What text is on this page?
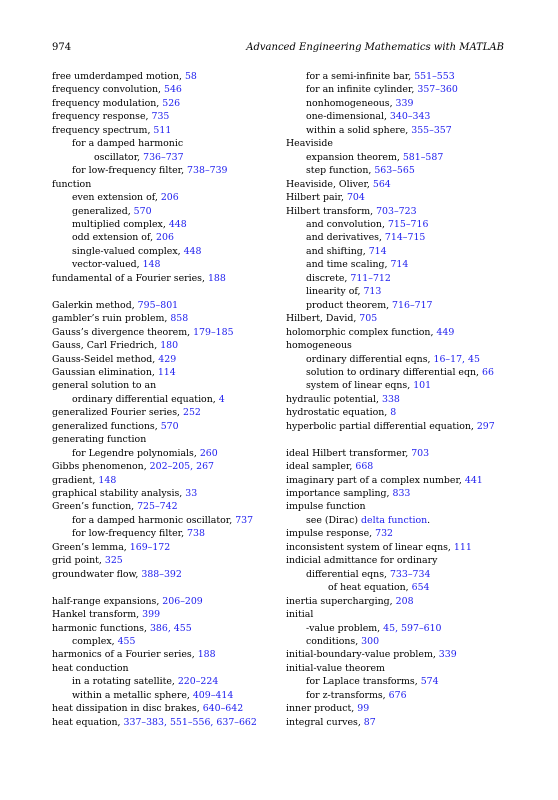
974	Advanced Engineering Mathematics with MATLAB
free umderdamped motion, 58
frequency convolution, 546
frequency modulation, 526
frequency response, 735
frequency spectrum, 511
for a damped harmonic
oscillator, 736–737
for low-frequency filter, 738–739
function
even extension of, 206
generalized, 570
multiplied complex, 448
odd extension of, 206
single-valued complex, 448
vector-valued, 148
fundamental of a Fourier series, 188
Galerkin method, 795–801
gambler’s ruin problem, 858
Gauss’s divergence theorem, 179–185
Gauss, Carl Friedrich, 180
Gauss-Seidel method, 429
Gaussian elimination, 114
general solution to an
ordinary differential equation, 4
generalized Fourier series, 252
generalized functions, 570
generating function
for Legendre polynomials, 260
Gibbs phenomenon, 202–205, 267
gradient, 148
graphical stability analysis, 33
Green’s function, 725–742
for a damped harmonic oscillator, 737
for low-frequency filter, 738
Green’s lemma, 169–172
grid point, 325
groundwater flow, 388–392
half-range expansions, 206–209
Hankel transform, 399
harmonic functions, 386, 455
complex, 455
harmonics of a Fourier series, 188
heat conduction
in a rotating satellite, 220–224
within a metallic sphere, 409–414
heat dissipation in disc brakes, 640–642
heat equation, 337–383, 551–556, 637–662
for a semi-infinite bar, 551–553
for an infinite cylinder, 357–360
nonhomogeneous, 339
one-dimensional, 340–343
within a solid sphere, 355–357
Heaviside
expansion theorem, 581–587
step function, 563–565
Heaviside, Oliver, 564
Hilbert pair, 704
Hilbert transform, 703–723
and convolution, 715–716
and derivatives, 714–715
and shifting, 714
and time scaling, 714
discrete, 711–712
linearity of, 713
product theorem, 716–717
Hilbert, David, 705
holomorphic complex function, 449
homogeneous
ordinary differential eqns, 16–17, 45
solution to ordinary differential eqn, 66
system of linear eqns, 101
hydraulic potential, 338
hydrostatic equation, 8
hyperbolic partial differential equation, 297
ideal Hilbert transformer, 703
ideal sampler, 668
imaginary part of a complex number, 441
importance sampling, 833
impulse function
see (Dirac) delta function.
impulse response, 732
inconsistent system of linear eqns, 111
indicial admittance for ordinary
differential eqns, 733–734
of heat equation, 654
inertia supercharging, 208
initial
-value problem, 45, 597–610
conditions, 300
initial-boundary-value problem, 339
initial-value theorem
for Laplace transforms, 574
for z-transforms, 676
inner product, 99
integral curves, 87
